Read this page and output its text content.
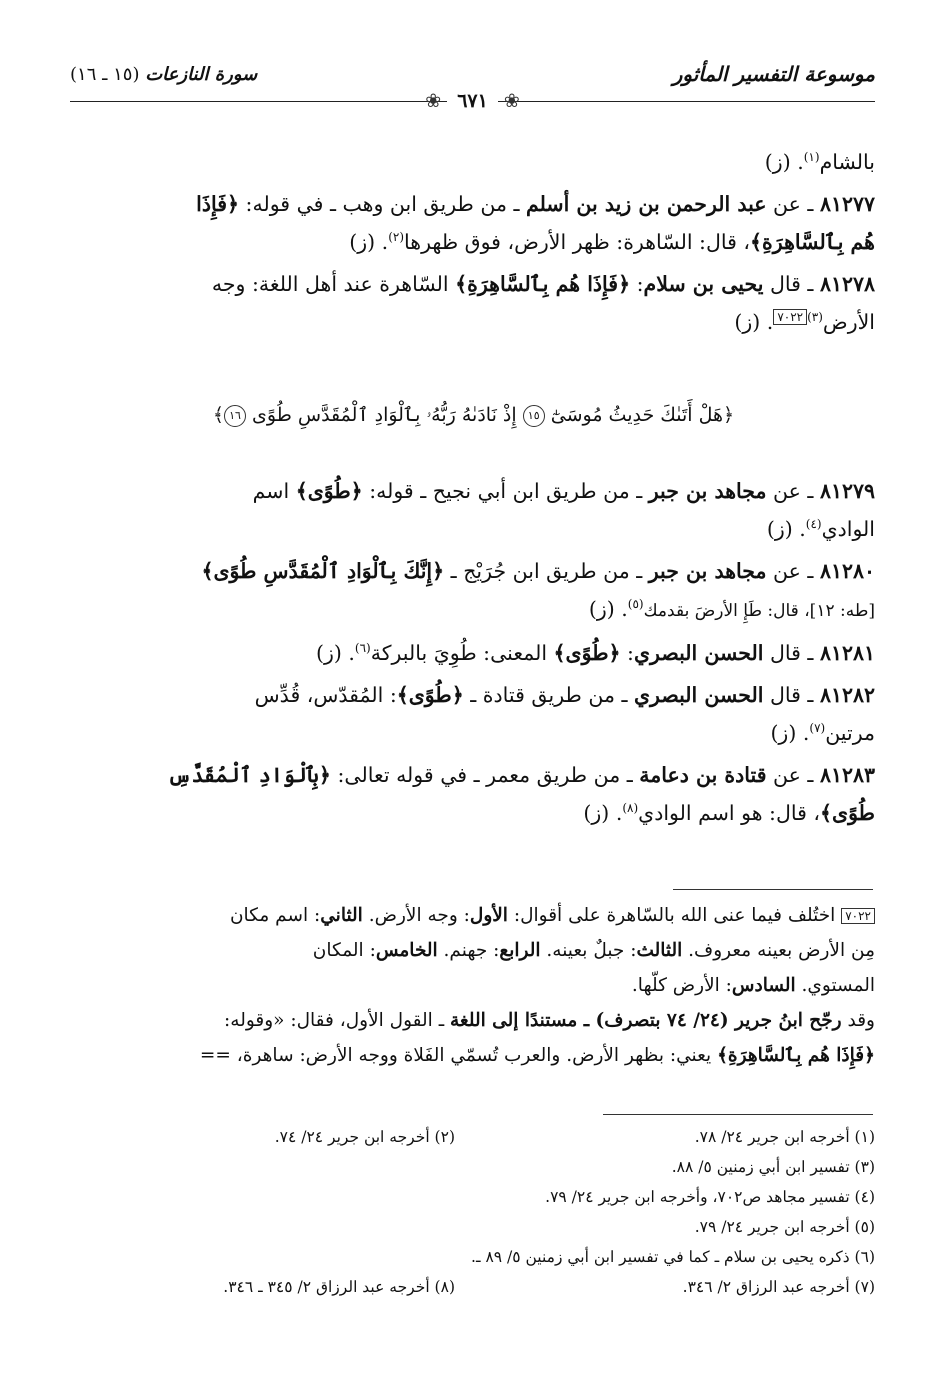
موسوعة التفسير المأثور
سورة النازعات (١٥ ـ ١٦)
❀ ٦٧١ ❀
بالشام$^{(١)}$. (ز)
٨١٢٧٧ ـ عن عبد الرحمن بن زيد بن أسلم ـ من طريق ابن وهب ـ في قوله: ﴿فَإِذَا
هُم بِٱلسَّاهِرَةِ﴾، قال: السّاهرة: ظهر الأرض، فوق ظهرها$^{(٢)}$. (ز)
٨١٢٧٨ ـ قال يحيى بن سلام: ﴿فَإِذَا هُم بِٱلسَّاهِرَةِ﴾ السّاهرة عند أهل اللغة: وجه
الأرض$^{(٣)}$٧٠٢٢. (ز)
﴿هَلْ أَتَىٰكَ حَدِيثُ مُوسَىٰٓ ١٥ إِذْ نَادَىٰهُ رَبُّهُۥ بِٱلْوَادِ ٱلْمُقَدَّسِ طُوًى ١٦﴾
٨١٢٧٩ ـ عن مجاهد بن جبر ـ من طريق ابن أبي نجيح ـ قوله: ﴿طُوًى﴾ اسم
الوادي$^{(٤)}$. (ز)
٨١٢٨٠ ـ عن مجاهد بن جبر ـ من طريق ابن جُرَيْج ـ ﴿إِنَّكَ بِٱلْوَادِ ٱلْمُقَدَّسِ طُوًى﴾
[طه: ١٢]، قال: طَإِ الأرضَ بقدمك$^{(٥)}$. (ز)
٨١٢٨١ ـ قال الحسن البصري: ﴿طُوًى﴾ المعنى: طُوِيَ بالبركة$^{(٦)}$. (ز)
٨١٢٨٢ ـ قال الحسن البصري ـ من طريق قتادة ـ ﴿طُوًى﴾: المُقدّس، قُدِّس
مرتين$^{(٧)}$. (ز)
٨١٢٨٣ ـ عن قتادة بن دعامة ـ من طريق معمر ـ في قوله تعالى: ﴿بِٱلْوَادِ ٱلْمُقَدَّسِ
طُوًى﴾، قال: هو اسم الوادي$^{(٨)}$. (ز)
٧٠٢٢ اختُلف فيما عنى الله بالسّاهرة على أقوال: الأول: وجه الأرض. الثاني: اسم مكان
مِن الأرض بعينه معروف. الثالث: جبلٌ بعينه. الرابع: جهنم. الخامس: المكان
المستوي. السادس: الأرض كلّها.
وقد رجّح ابنُ جرير (٢٤/ ٧٤ بتصرف) ـ مستندًا إلى اللغة ـ القول الأول، فقال: «وقوله:
﴿فَإِذَا هُم بِٱلسَّاهِرَةِ﴾ يعني: بظهر الأرض. والعرب تُسمّي الفَلاة ووجه الأرض: ساهرة، ==
(١) أخرجه ابن جرير ٢٤/ ٧٨.
(٢) أخرجه ابن جرير ٢٤/ ٧٤.
(٣) تفسير ابن أبي زمنين ٥/ ٨٨.
(٤) تفسير مجاهد ص٧٠٢، وأخرجه ابن جرير ٢٤/ ٧٩.
(٥) أخرجه ابن جرير ٢٤/ ٧٩.
(٦) ذكره يحيى بن سلام ـ كما في تفسير ابن أبي زمنين ٥/ ٨٩ ـ.
(٧) أخرجه عبد الرزاق ٢/ ٣٤٦.
(٨) أخرجه عبد الرزاق ٢/ ٣٤٥ ـ ٣٤٦.
